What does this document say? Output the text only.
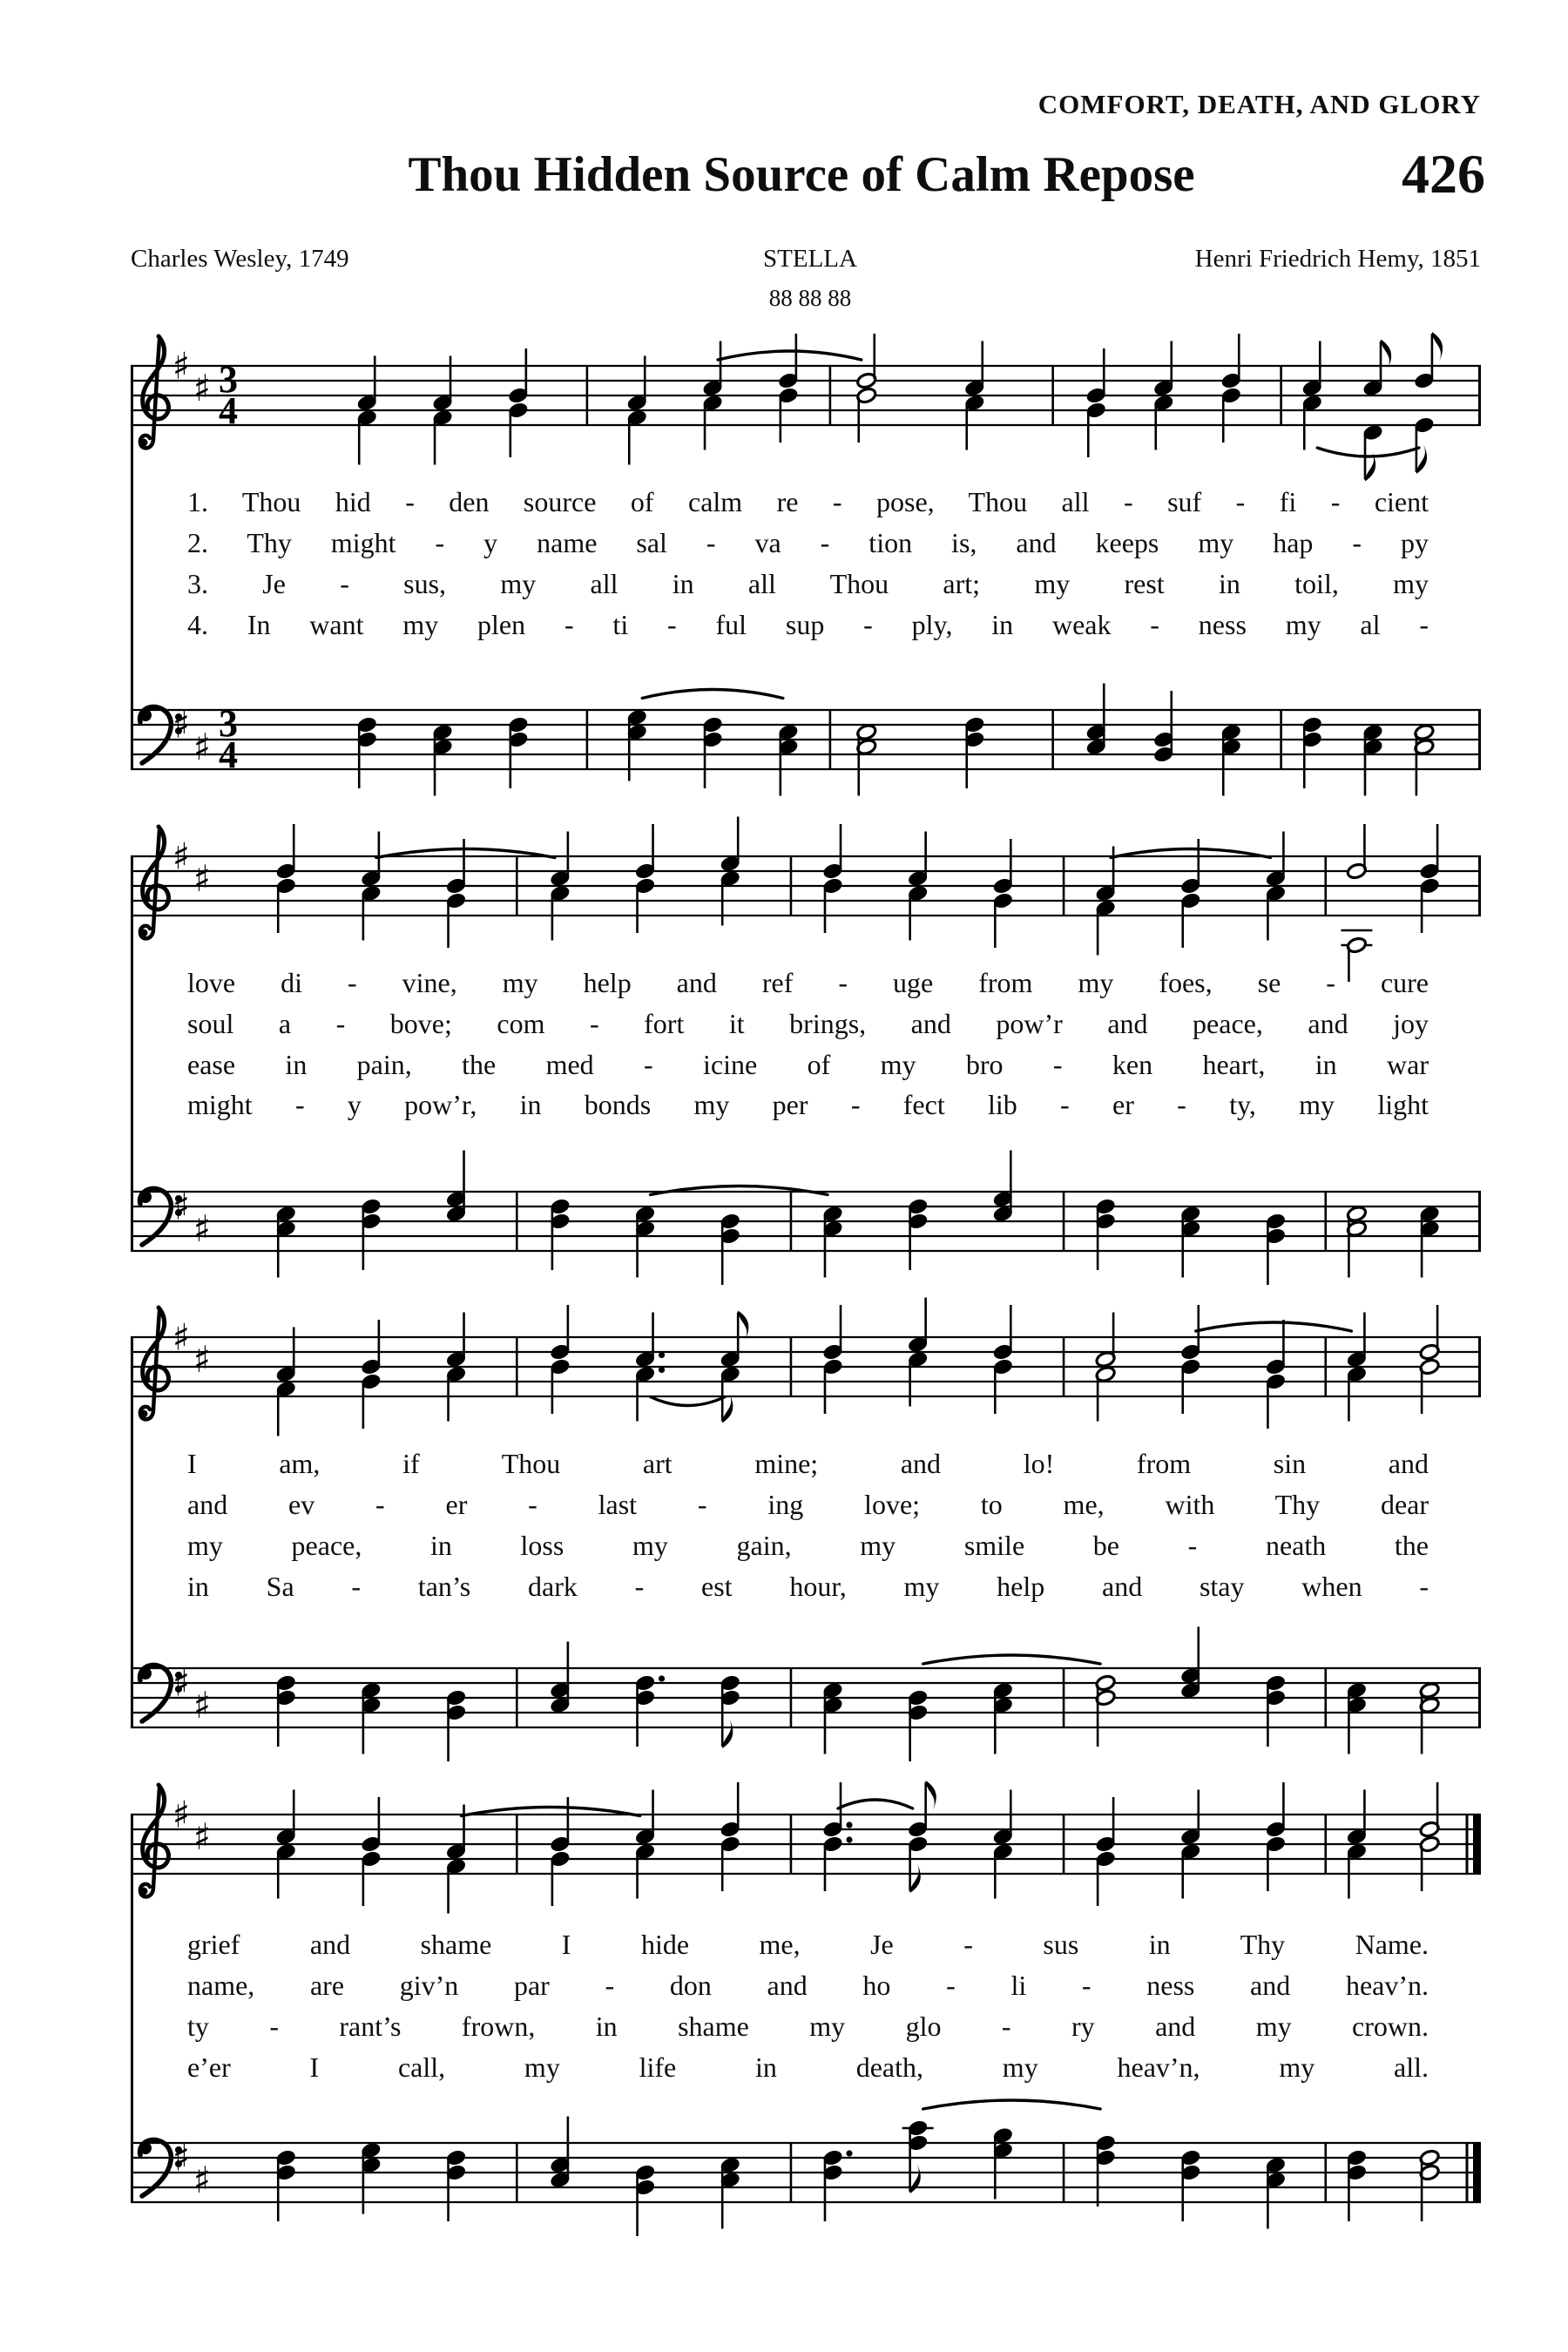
COMFORT, DEATH, AND GLORY
Thou Hidden Source of Calm Repose	426
Charles Wesley, 1749	STELLA	Henri Friedrich Hemy, 1851
88 88 88
♯
♯ 3
4
♯
♯
3
4
1. Thou hid - den source of calm re - pose, Thou all - suf - fi - cient
2. Thy might - y name sal - va - tion is, and keeps my hap - py
3. Je - sus, my all in all Thou art; my rest in toil, my
4. In want my plen - ti - ful sup - ply, in weak - ness my al -
♯
♯
♯
♯
love di - vine, my help and ref - uge from my foes, se - cure
soul a - bove; com - fort it brings, and pow’r and peace, and joy
ease in pain, the med - icine of my bro - ken heart, in war
might - y pow’r, in bonds my per - fect lib - er - ty, my light
♯
♯
♯
♯
I am, if Thou art mine; and lo! from sin and
and ev - er - last - ing love; to me, with Thy dear
my peace, in loss my gain, my smile be - neath the
in Sa - tan’s dark - est hour, my help and stay when -
♯
♯
♯
♯
grief and shame I hide me, Je - sus in Thy Name.
name, are giv’n par - don and ho - li - ness and heav’n.
ty - rant’s frown, in shame my glo - ry and my crown.
e’er I call, my life in death, my heav’n, my all.
